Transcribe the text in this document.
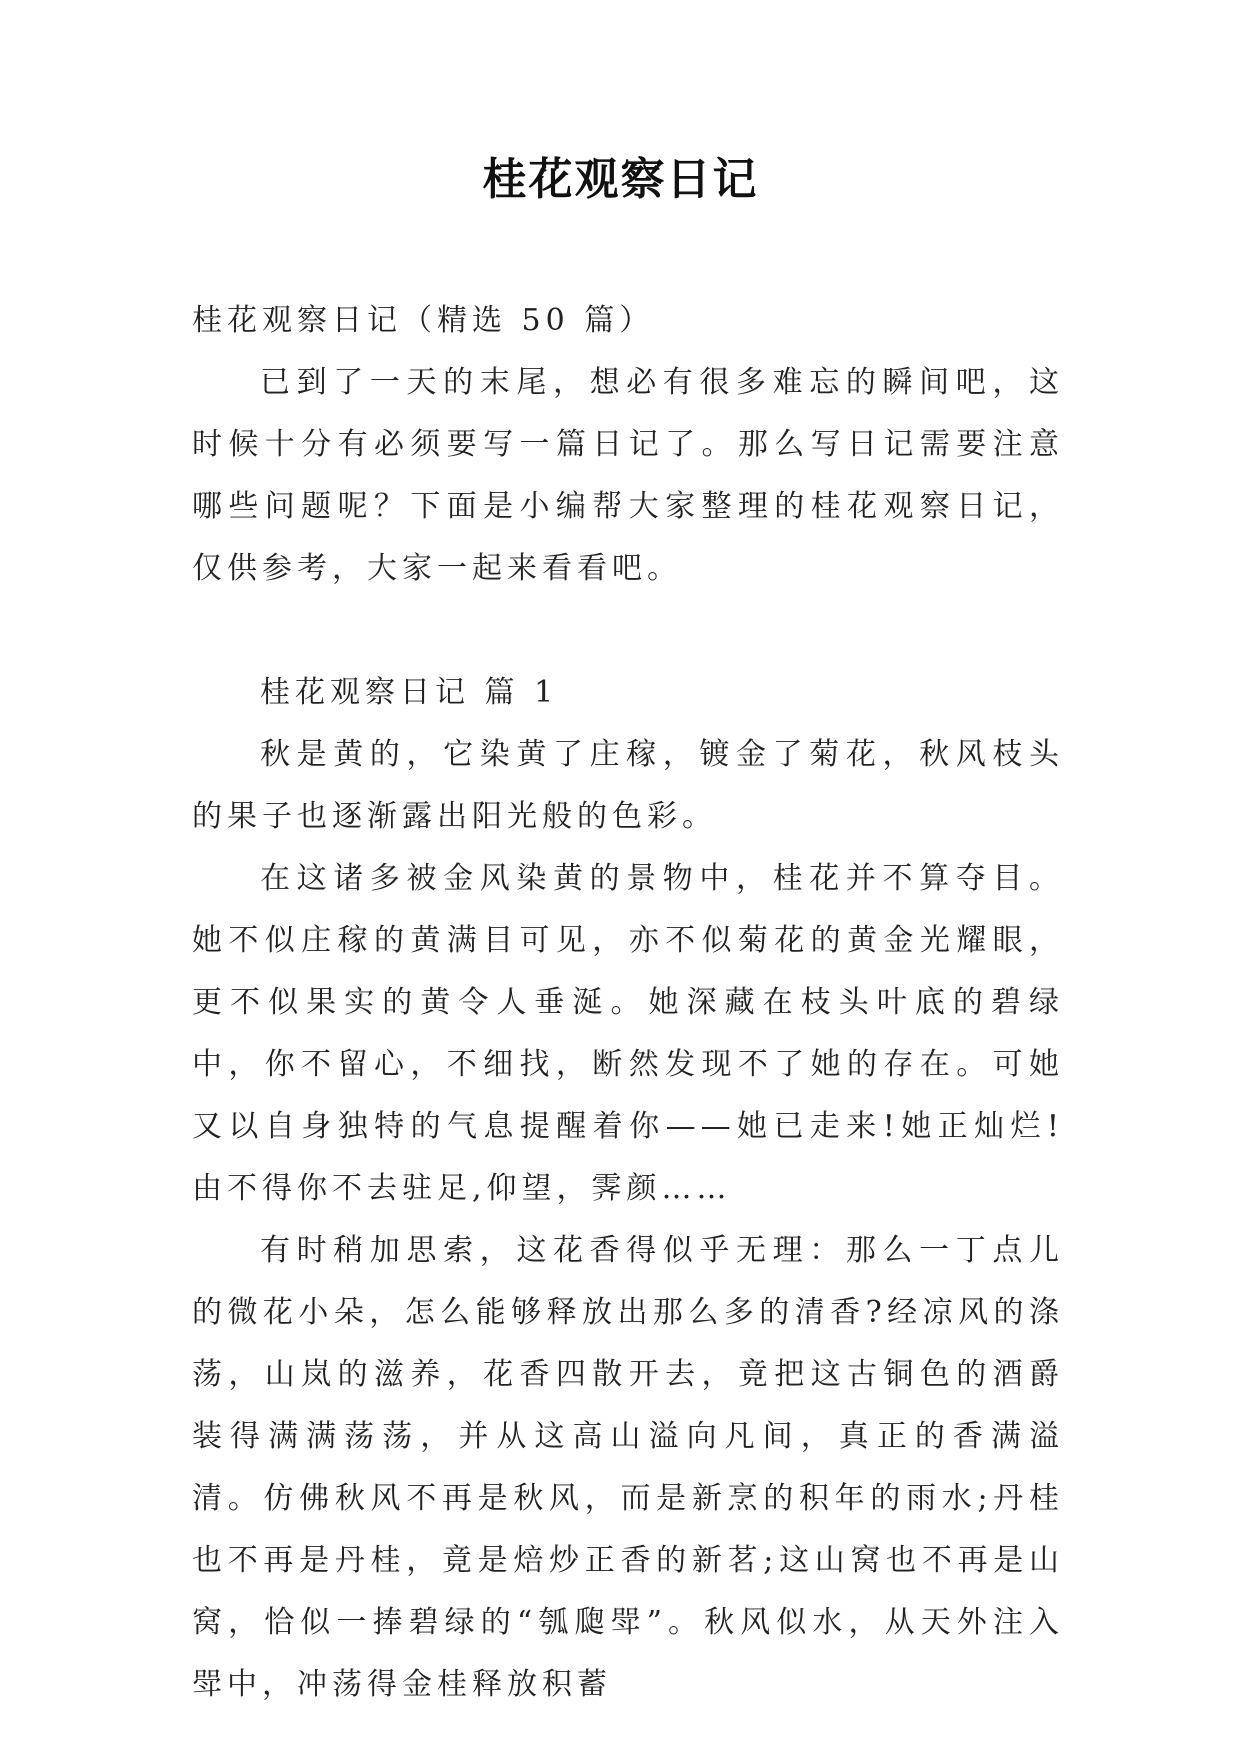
桂花观察日记

桂花观察日记（精选 50 篇）

已到了一天的末尾，想必有很多难忘的瞬间吧，这时候十分有必须要写一篇日记了。那么写日记需要注意哪些问题呢？下面是小编帮大家整理的桂花观察日记，仅供参考，大家一起来看看吧。

桂花观察日记 篇 1

秋是黄的，它染黄了庄稼，镀金了菊花，秋风枝头的果子也逐渐露出阳光般的色彩。

在这诸多被金风染黄的景物中，桂花并不算夺目。她不似庄稼的黄满目可见，亦不似菊花的黄金光耀眼，更不似果实的黄令人垂涎。她深藏在枝头叶底的碧绿中，你不留心，不细找，断然发现不了她的存在。可她又以自身独特的气息提醒着你——她已走来!她正灿烂!由不得你不去驻足,仰望，霁颜……

有时稍加思索，这花香得似乎无理：那么一丁点儿的微花小朵，怎么能够释放出那么多的清香?经凉风的涤荡，山岚的滋养，花香四散开去，竟把这古铜色的酒爵装得满满荡荡，并从这高山溢向凡间，真正的香满溢清。仿佛秋风不再是秋风，而是新烹的积年的雨水;丹桂也不再是丹桂，竟是焙炒正香的新茗;这山窝也不再是山窝，恰似一捧碧绿的“瓠瓟斝”。秋风似水，从天外注入斝中，冲荡得金桂释放积蓄
